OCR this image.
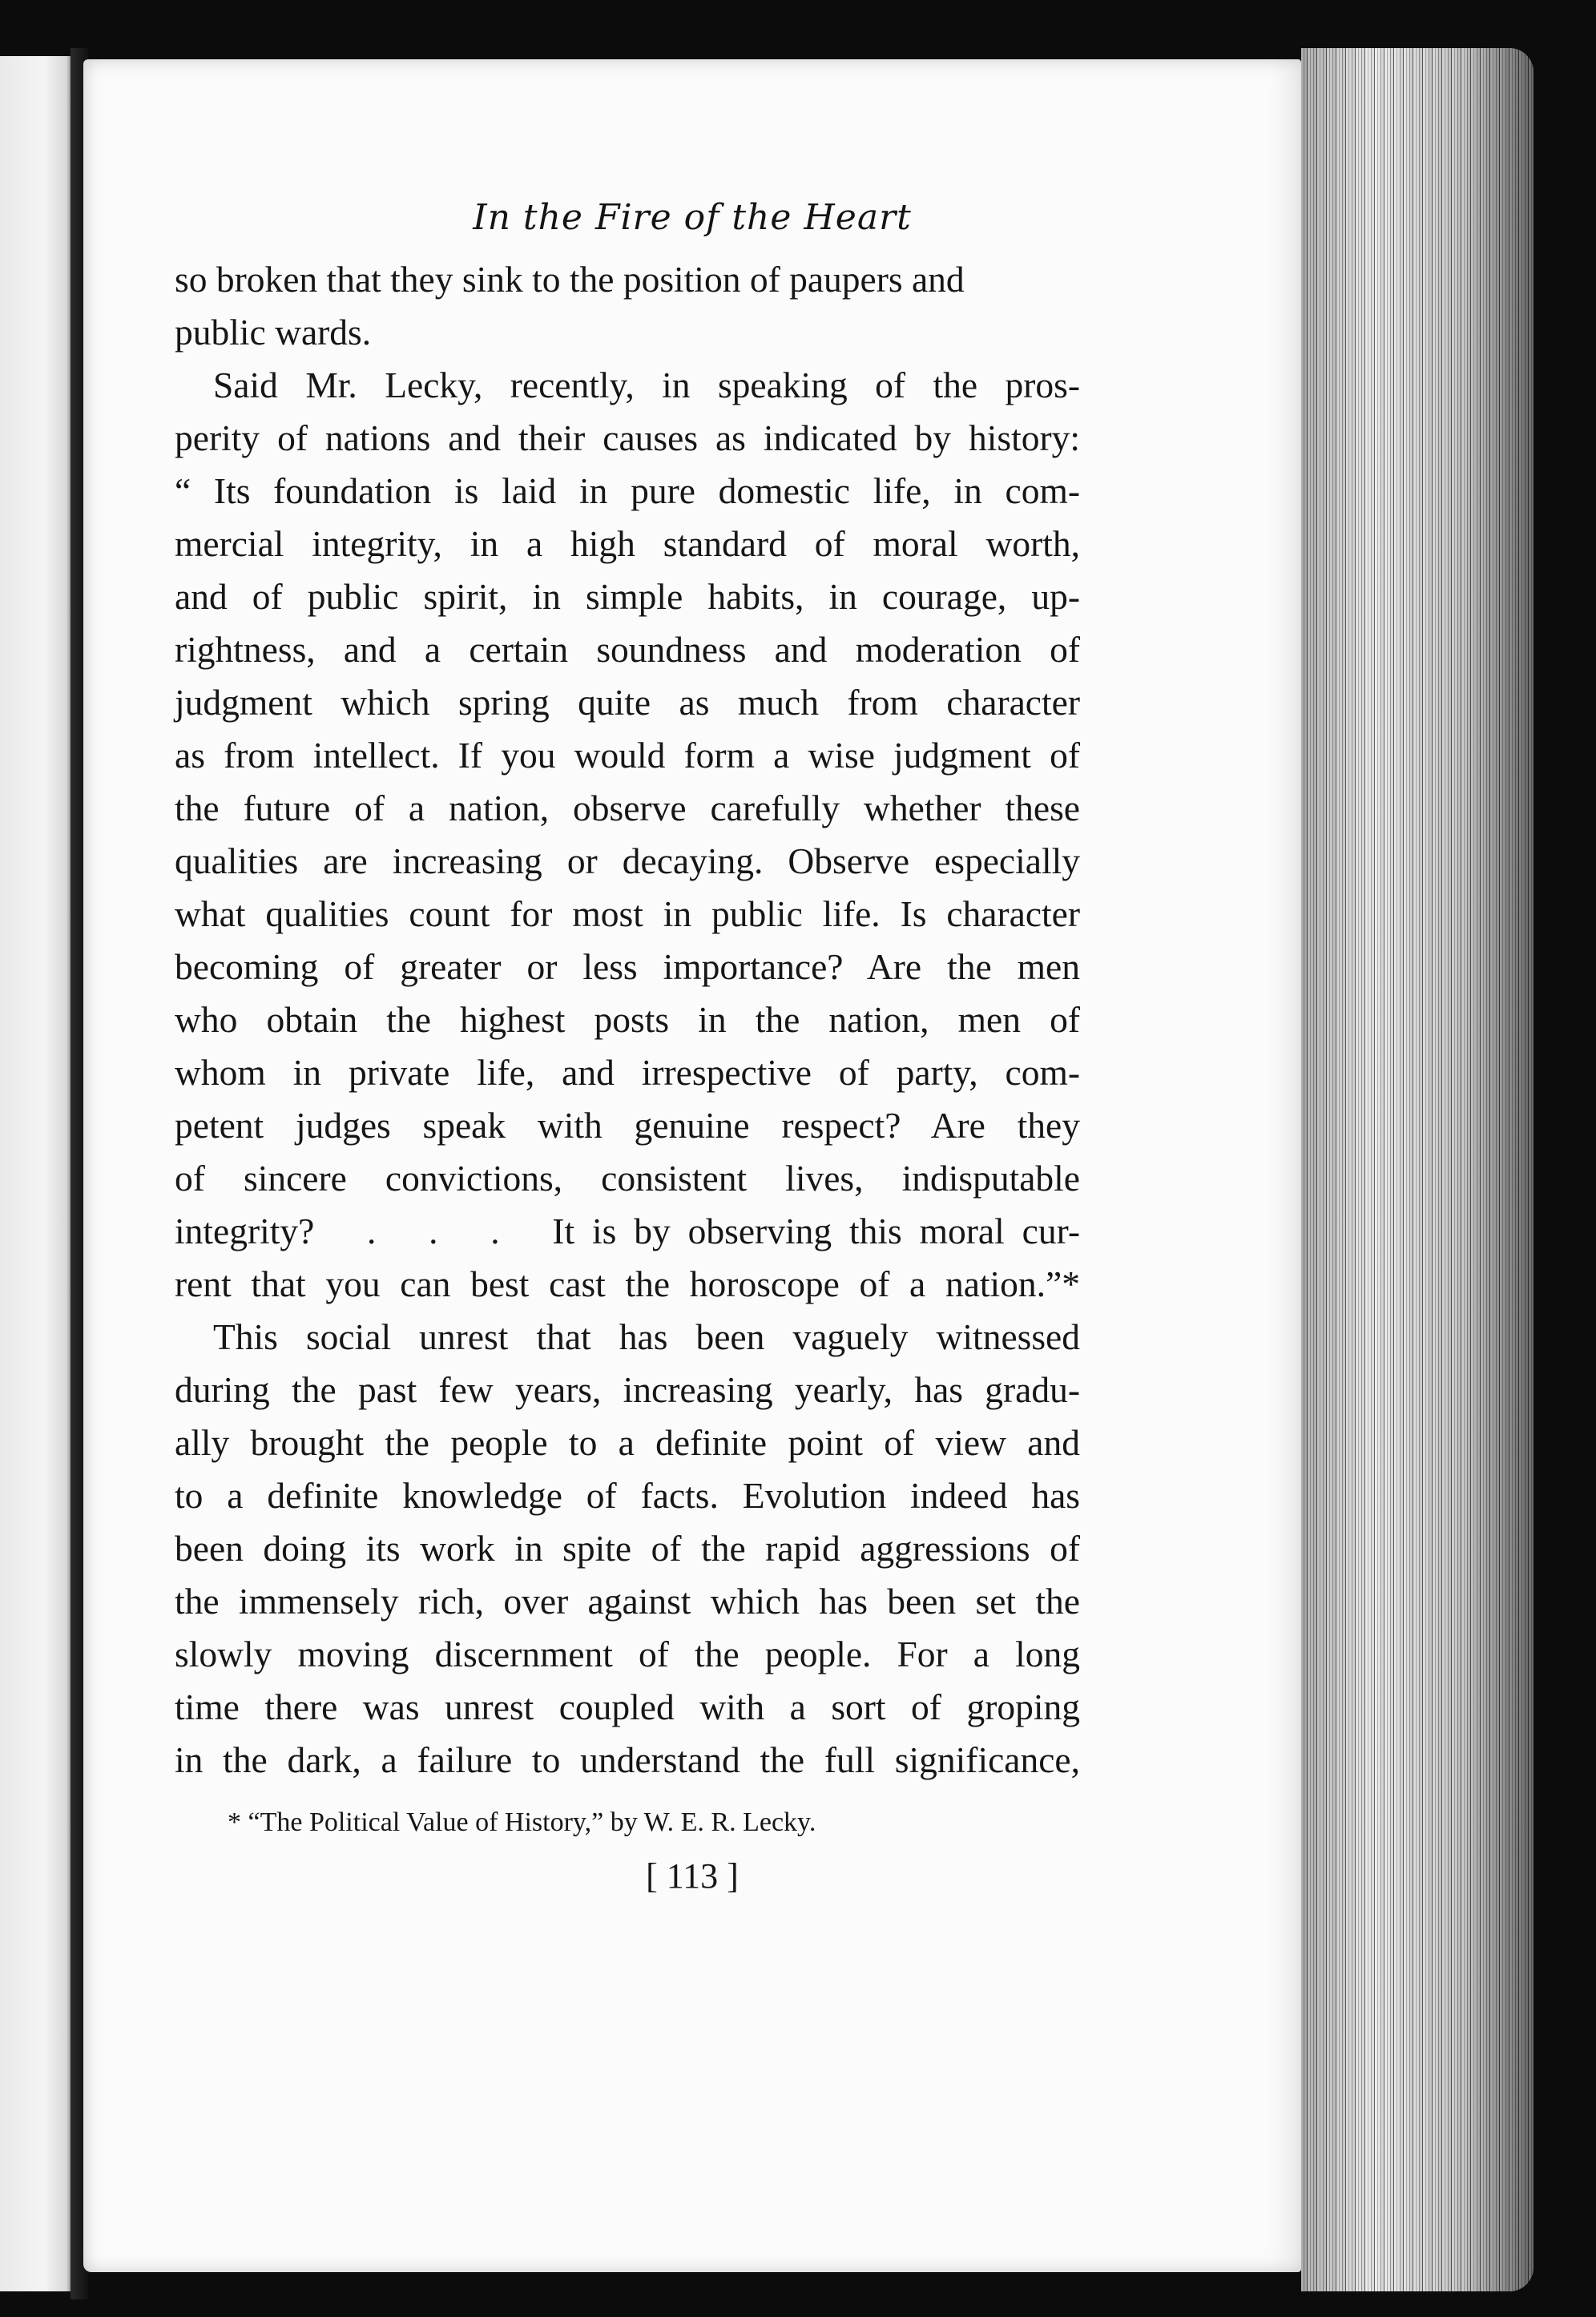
In the Fire of the Heart

so broken that they sink to the position of paupers and

public wards.

Said Mr. Lecky, recently, in speaking of the pros-

perity of nations and their causes as indicated by history:

“ Its foundation is laid in pure domestic life, in com-

mercial integrity, in a high standard of moral worth,

and of public spirit, in simple habits, in courage, up-

rightness, and a certain soundness and moderation of

judgment which spring quite as much from character

as from intellect. If you would form a wise judgment of

the future of a nation, observe carefully whether these

qualities are increasing or decaying. Observe especially

what qualities count for most in public life. Is character

becoming of greater or less importance? Are the men

who obtain the highest posts in the nation, men of

whom in private life, and irrespective of party, com-

petent judges speak with genuine respect? Are they

of sincere convictions, consistent lives, indisputable

integrity?   .   .   .   It is by observing this moral cur-

rent that you can best cast the horoscope of a nation.”*

This social unrest that has been vaguely witnessed

during the past few years, increasing yearly, has gradu-

ally brought the people to a definite point of view and

to a definite knowledge of facts. Evolution indeed has

been doing its work in spite of the rapid aggressions of

the immensely rich, over against which has been set the

slowly moving discernment of the people. For a long

time there was unrest coupled with a sort of groping

in the dark, a failure to understand the full significance,

* “The Political Value of History,” by W. E. R. Lecky.
[ 113 ]
